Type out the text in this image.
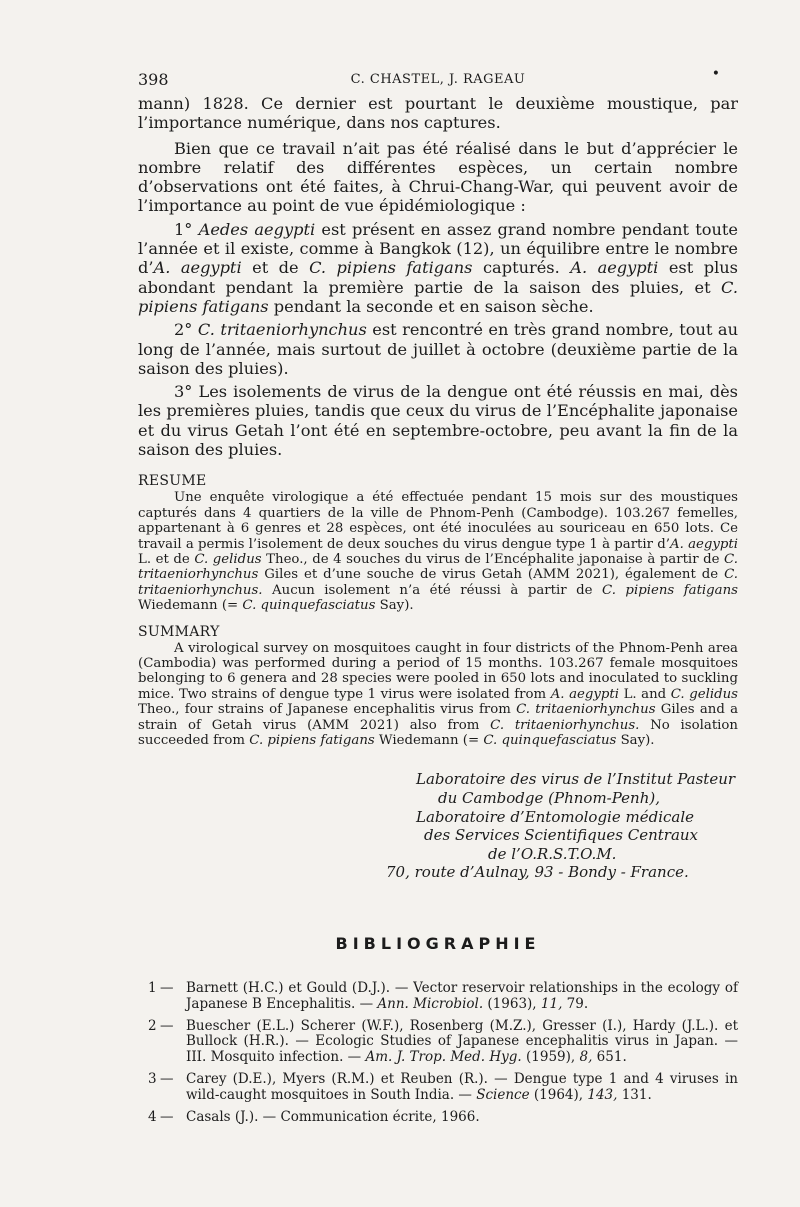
398	C. CHASTEL, J. RAGEAU	•

mann) 1828. Ce dernier est pourtant le deuxième moustique, par l’importance numérique, dans nos captures.

Bien que ce travail n’ait pas été réalisé dans le but d’apprécier le nombre relatif des différentes espèces, un certain nombre d’observations ont été faites, à Chrui-Chang-War, qui peuvent avoir de l’importance au point de vue épidémiologique :

1° Aedes aegypti est présent en assez grand nombre pendant toute l’année et il existe, comme à Bangkok (12), un équilibre entre le nombre d’A. aegypti et de C. pipiens fatigans capturés. A. aegypti est plus abondant pendant la première partie de la saison des pluies, et C. pipiens fatigans pendant la seconde et en saison sèche.

2° C. tritaeniorhynchus est rencontré en très grand nombre, tout au long de l’année, mais surtout de juillet à octobre (deuxième partie de la saison des pluies).

3° Les isolements de virus de la dengue ont été réussis en mai, dès les premières pluies, tandis que ceux du virus de l’Encéphalite japonaise et du virus Getah l’ont été en septembre-octobre, peu avant la fin de la saison des pluies.

RESUME

Une enquête virologique a été effectuée pendant 15 mois sur des moustiques capturés dans 4 quartiers de la ville de Phnom-Penh (Cambodge). 103.267 femelles, appartenant à 6 genres et 28 espèces, ont été inoculées au souriceau en 650 lots. Ce travail a permis l’isolement de deux souches du virus dengue type 1 à partir d’A. aegypti L. et de C. gelidus Theo., de 4 souches du virus de l’Encéphalite japonaise à partir de C. tritaeniorhynchus Giles et d’une souche de virus Getah (AMM 2021), également de C. tritaeniorhynchus. Aucun isolement n’a été réussi à partir de C. pipiens fatigans Wiedemann (= C. quinquefasciatus Say).

SUMMARY

A virological survey on mosquitoes caught in four districts of the Phnom-Penh area (Cambodia) was performed during a period of 15 months. 103.267 female mosquitoes belonging to 6 genera and 28 species were pooled in 650 lots and inoculated to suckling mice. Two strains of dengue type 1 virus were isolated from A. aegypti L. and C. gelidus Theo., four strains of Japanese encephalitis virus from C. tritaeniorhynchus Giles and a strain of Getah virus (AMM 2021) also from C. tritaeniorhynchus. No isolation succeeded from C. pipiens fatigans Wiedemann (= C. quinquefasciatus Say).

Laboratoire des virus de l’Institut Pasteur
du Cambodge (Phnom-Penh),
Laboratoire d’Entomologie médicale
des Services Scientifiques Centraux
de l’O.R.S.T.O.M.
70, route d’Aulnay, 93 - Bondy - France.
BIBLIOGRAPHIE
1 — Barnett (H.C.) et Gould (D.J.). — Vector reservoir relationships in the ecology of Japanese B Encephalitis. — Ann. Microbiol. (1963), 11, 79.
2 — Buescher (E.L.) Scherer (W.F.), Rosenberg (M.Z.), Gresser (I.), Hardy (J.L.). et Bullock (H.R.). — Ecologic Studies of Japanese encephalitis virus in Japan. — III. Mosquito infection. — Am. J. Trop. Med. Hyg. (1959), 8, 651.
3 — Carey (D.E.), Myers (R.M.) et Reuben (R.). — Dengue type 1 and 4 viruses in wild-caught mosquitoes in South India. — Science (1964), 143, 131.
4 — Casals (J.). — Communication écrite, 1966.
